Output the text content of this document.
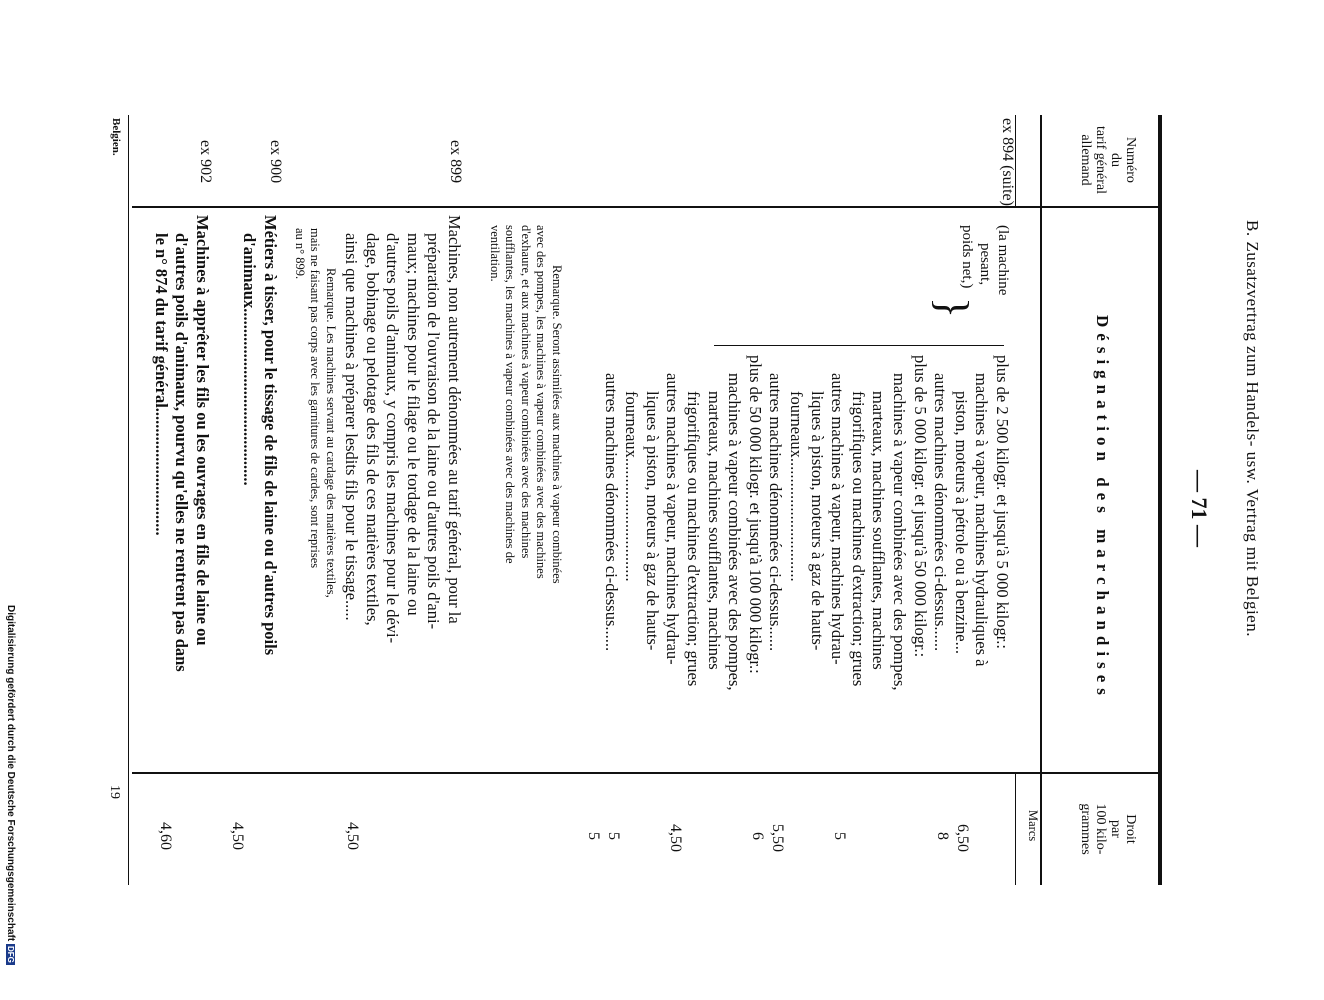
B. Zusatzvertrag zum Handels- usw. Vertrag mit Belgien.
— 71 —
Numéro
du
tarif général
allemand
Désignation des marchandises
Droit
par
100 kilo-
grammes
Marcs
ex 894 (suite)
(la machine
pesant,
poids net,)
}
plus de 2 500 kilogr. et jusqu'à 5 000 kilogr.:
machines à vapeur, machines hydrauliques à
piston, moteurs à pétrole ou à benzine...
autres machines dénommées ci-dessus......
plus de 5 000 kilogr. et jusqu'à 50 000 kilogr.:
machines à vapeur combinées avec des pompes,
marteaux, machines soufflantes, machines
frigorifiques ou machines d'extraction; grues
autres machines à vapeur, machines hydrau-
liques à piston, moteurs à gaz de hauts-
fourneaux..............................
autres machines dénommées ci-dessus......
plus de 50 000 kilogr. et jusqu'à 100 000 kilogr.:
machines à vapeur combinées avec des pompes,
marteaux, machines soufflantes, machines
frigorifiques ou machines d'extraction; grues
autres machines à vapeur, machines hydrau-
liques à piston, moteurs à gaz de hauts-
fourneaux..............................
autres machines dénommées ci-dessus......
6,50
8
5
5,50
6
4,50
5
5
Remarque. Seront assimilées aux machines à vapeur combinées
avec des pompes, les machines à vapeur combinées avec des machines
d'exhaure, et aux machines à vapeur combinées avec des machines
soufflantes, les machines à vapeur combinées avec des machines de
ventilation.
ex 899
Machines, non autrement dénommées au tarif général, pour la
préparation de l'ouvraison de la laine ou d'autres poils d'ani-
maux; machines pour le filage ou le tordage de la laine ou
d'autres poils d'animaux, y compris les machines pour le dévi-
dage, bobinage ou pelotage des fils de ces matières textiles,
ainsi que machines à préparer lesdits fils pour le tissage.....
Remarque. Les machines servant au cardage des matières textiles,
mais ne faisant pas corps avec les garnitures de cardes, sont reprises
au n° 899.
4,50
ex 900
Métiers à tisser, pour le tissage de fils de laine ou d'autres poils
d'animaux...........................................
4,50
ex 902
Machines à apprêter les fils ou les ouvrages en fils de laine ou
d'autres poils d'animaux, pourvu qu'elles ne rentrent pas dans
le n° 874 du tarif général...............................
4,60
Belgien.
19
Digitalisierung gefördert durch die Deutsche Forschungsgemeinschaft DFG
